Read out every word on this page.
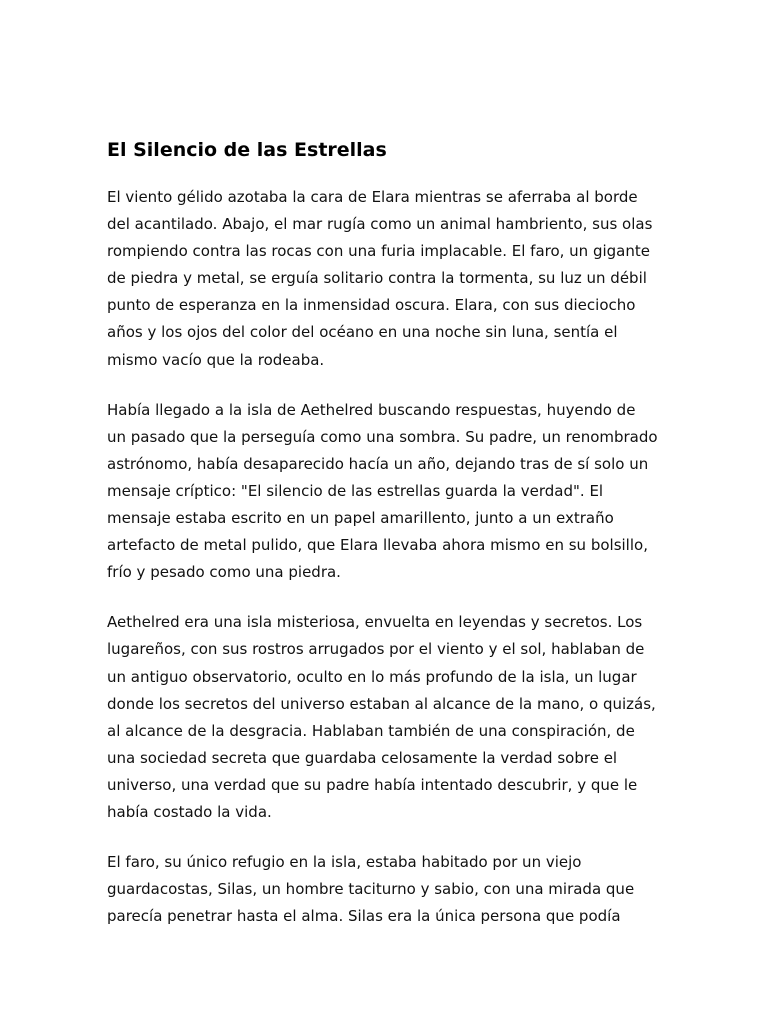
El Silencio de las Estrellas

El viento gélido azotaba la cara de Elara mientras se aferraba al borde
del acantilado. Abajo, el mar rugía como un animal hambriento, sus olas
rompiendo contra las rocas con una furia implacable. El faro, un gigante
de piedra y metal, se erguía solitario contra la tormenta, su luz un débil
punto de esperanza en la inmensidad oscura. Elara, con sus dieciocho
años y los ojos del color del océano en una noche sin luna, sentía el
mismo vacío que la rodeaba.

Había llegado a la isla de Aethelred buscando respuestas, huyendo de
un pasado que la perseguía como una sombra. Su padre, un renombrado
astrónomo, había desaparecido hacía un año, dejando tras de sí solo un
mensaje críptico: "El silencio de las estrellas guarda la verdad". El
mensaje estaba escrito en un papel amarillento, junto a un extraño
artefacto de metal pulido, que Elara llevaba ahora mismo en su bolsillo,
frío y pesado como una piedra.

Aethelred era una isla misteriosa, envuelta en leyendas y secretos. Los
lugareños, con sus rostros arrugados por el viento y el sol, hablaban de
un antiguo observatorio, oculto en lo más profundo de la isla, un lugar
donde los secretos del universo estaban al alcance de la mano, o quizás,
al alcance de la desgracia. Hablaban también de una conspiración, de
una sociedad secreta que guardaba celosamente la verdad sobre el
universo, una verdad que su padre había intentado descubrir, y que le
había costado la vida.

El faro, su único refugio en la isla, estaba habitado por un viejo
guardacostas, Silas, un hombre taciturno y sabio, con una mirada que
parecía penetrar hasta el alma. Silas era la única persona que podía
